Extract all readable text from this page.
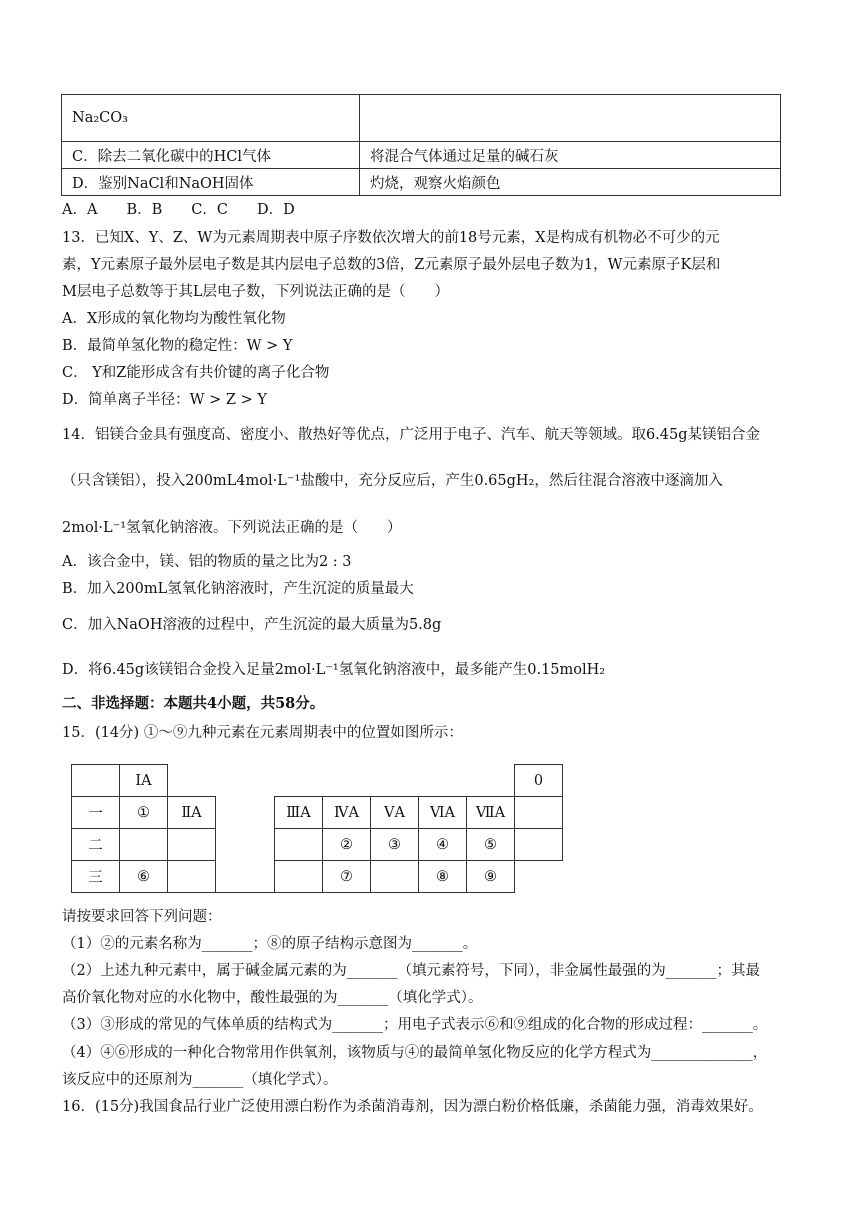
Na₂CO₃	
C．除去二氧化碳中的HCl气体	将混合气体通过足量的碱石灰
D．鉴别NaCl和NaOH固体	灼烧，观察火焰颜色
A．A　　B．B　　C．C　　D．D
13．已知X、Y、Z、W为元素周期表中原子序数依次增大的前18号元素，X是构成有机物必不可少的元
素，Y元素原子最外层电子数是其内层电子总数的3倍，Z元素原子最外层电子数为1，W元素原子K层和
M层电子总数等于其L层电子数，下列说法正确的是（　　）
A．X形成的氧化物均为酸性氧化物
B．最简单氢化物的稳定性：W > Y
C． Y和Z能形成含有共价键的离子化合物
D．简单离子半径：W > Z > Y
14．铝镁合金具有强度高、密度小、散热好等优点，广泛用于电子、汽车、航天等领域。取6.45g某镁铝合金
（只含镁铝），投入200mL4mol·L⁻¹盐酸中，充分反应后，产生0.65gH₂，然后往混合溶液中逐滴加入
2mol·L⁻¹氢氧化钠溶液。下列说法正确的是（　　）
A．该合金中，镁、铝的物质的量之比为2 : 3
B．加入200mL氢氧化钠溶液时，产生沉淀的质量最大
C．加入NaOH溶液的过程中，产生沉淀的最大质量为5.8g
D．将6.45g该镁铝合金投入足量2mol·L⁻¹氢氧化钠溶液中，最多能产生0.15molH₂
二、非选择题：本题共4小题，共58分。
15．(14分) ①～⑨九种元素在元素周期表中的位置如图所示：
	ⅠA								0
一	①	ⅡA		ⅢA	ⅣA	ⅤA	ⅥA	ⅦA	
二					②	③	④	⑤	
三	⑥				⑦		⑧	⑨	
请按要求回答下列问题：
（1）②的元素名称为_______；⑧的原子结构示意图为_______。
（2）上述九种元素中，属于碱金属元素的为_______（填元素符号，下同），非金属性最强的为_______；其最
高价氧化物对应的水化物中，酸性最强的为_______（填化学式）。
（3）③形成的常见的气体单质的结构式为_______；用电子式表示⑥和⑨组成的化合物的形成过程：_______。
（4）④⑥形成的一种化合物常用作供氧剂，该物质与④的最简单氢化物反应的化学方程式为______________，
该反应中的还原剂为_______（填化学式）。
16．(15分)我国食品行业广泛使用漂白粉作为杀菌消毒剂，因为漂白粉价格低廉，杀菌能力强，消毒效果好。
